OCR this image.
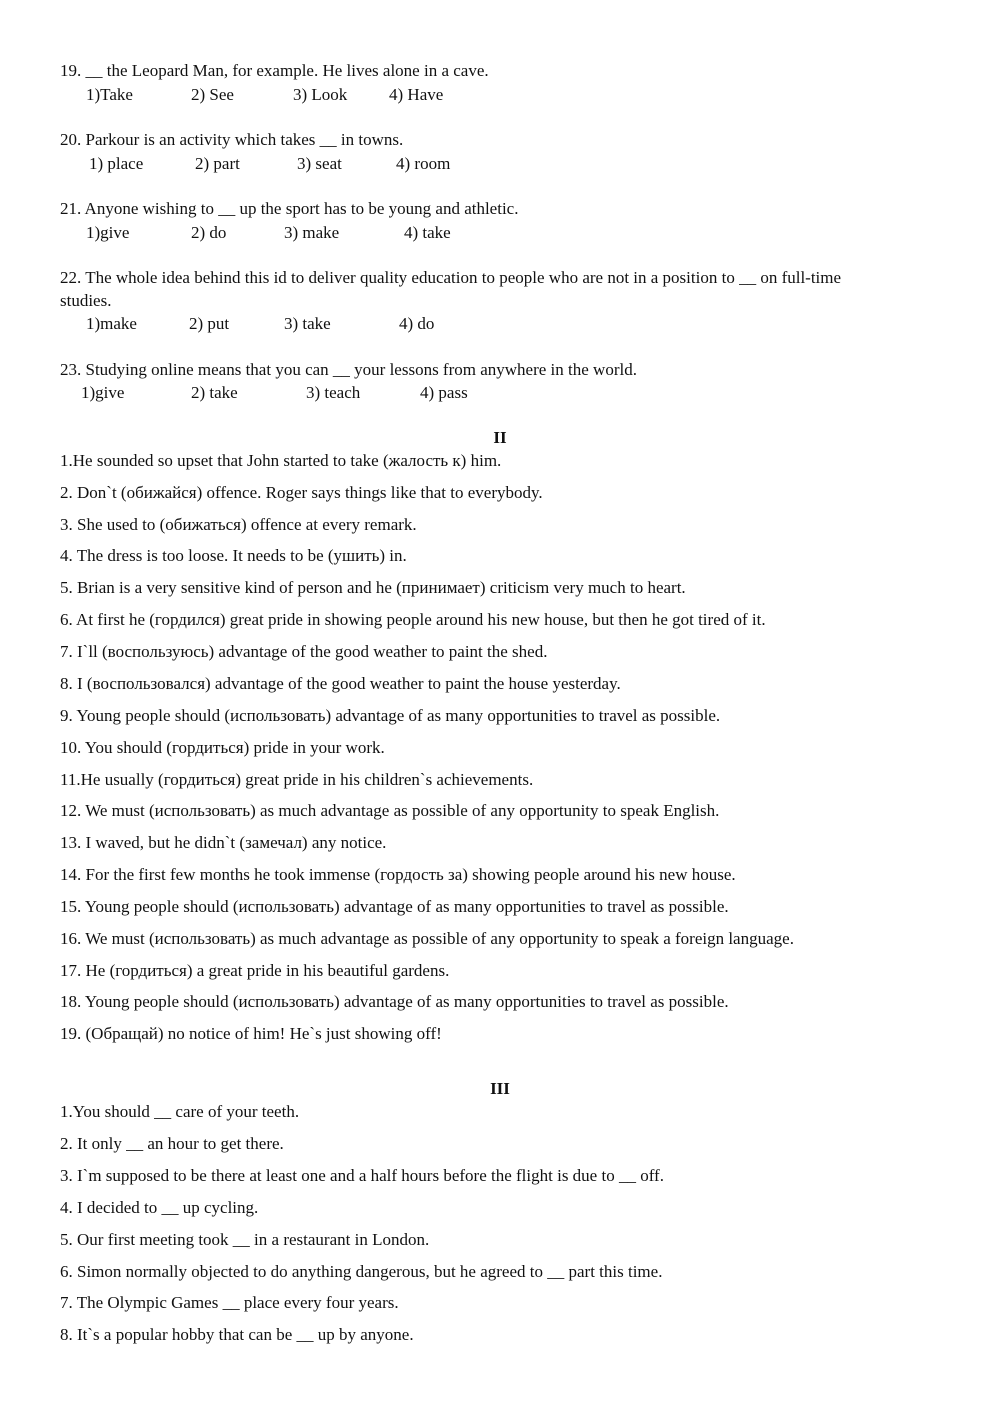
19. __ the Leopard Man, for example. He lives alone in a cave.
1)Take	2) See	3) Look 4) Have
20. Parkour is an activity which takes __ in towns.
1) place	2) part	3) seat	4) room
21. Anyone wishing to __ up the sport has to be young and athletic.
1)give	2) do	3) make	4) take
22. The whole idea behind this id to deliver quality education to people who are not in a position to __ on full-time
studies.
1)make	2) put	3) take	4) do
23. Studying online means that you can __ your lessons from anywhere in the world.
1)give	2) take	3) teach	4) pass
II
1.He sounded so upset that John started to take (жалость к) him.
2. Don`t (обижайся) offence. Roger says things like that to everybody.
3. She used to (обижаться) offence at every remark.
4. The dress is too loose. It needs to be (ушить) in.
5. Brian is a very sensitive kind of person and he (принимает) criticism very much to heart.
6. At first he (гордился) great pride in showing people around his new house, but then he got tired of it.
7. I`ll (воспользуюсь) advantage of the good weather to paint the shed.
8. I (воспользовался) advantage of the good weather to paint the house yesterday.
9. Young people should (использовать) advantage of as many opportunities to travel as possible.
10. You should (гордиться) pride in your work.
11.He usually (гордиться) great pride in his children`s achievements.
12. We must (использовать) as much advantage as possible of any opportunity to speak English.
13. I waved, but he didn`t (замечал) any notice.
14. For the first few months he took immense (гордость за) showing people around his new house.
15. Young people should (использовать) advantage of as many opportunities to travel as possible.
16. We must (использовать) as much advantage as possible of any opportunity to speak a foreign language.
17. He (гордиться) a great pride in his beautiful gardens.
18. Young people should (использовать) advantage of as many opportunities to travel as possible.
19. (Обращай) no notice of him! He`s just showing off!
III
1.You should __ care of your teeth.
2. It only __ an hour to get there.
3. I`m supposed to be there at least one and a half hours before the flight is due to __ off.
4. I decided to __ up cycling.
5. Our first meeting took __ in a restaurant in London.
6. Simon normally objected to do anything dangerous, but he agreed to __ part this time.
7. The Olympic Games __ place every four years.
8. It`s a popular hobby that can be __ up by anyone.
